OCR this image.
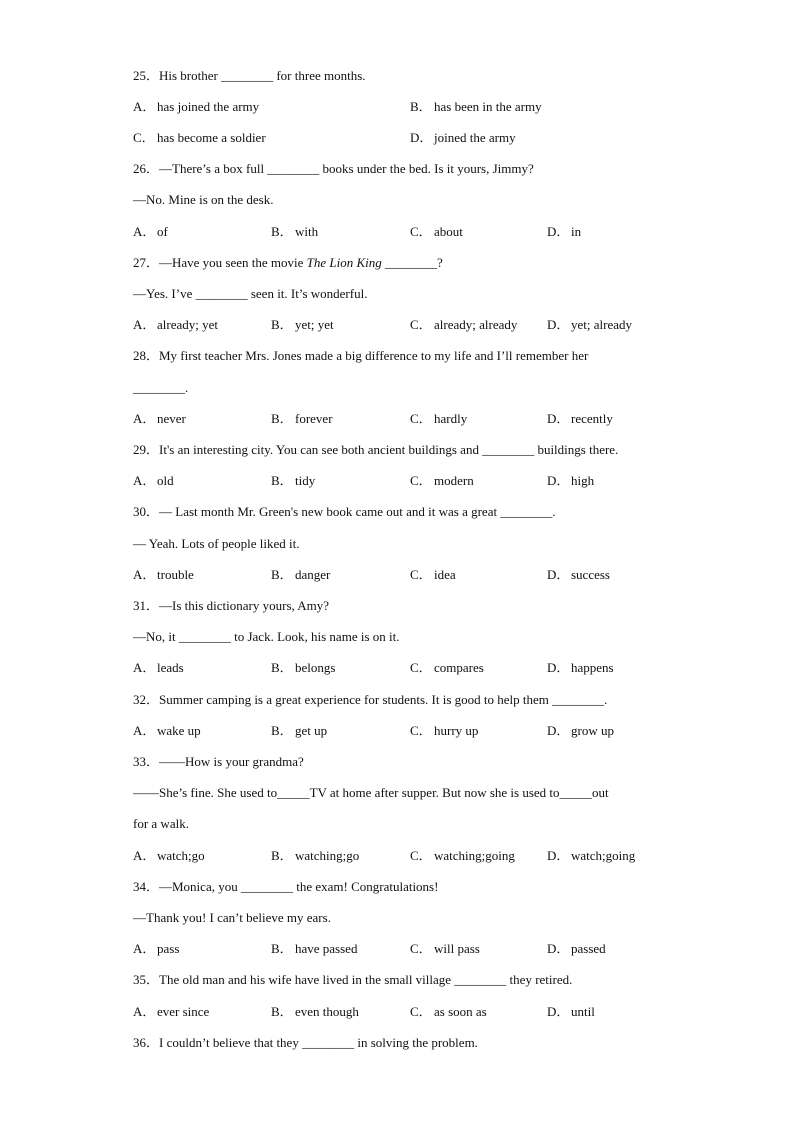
25．His brother ________ for three months.
A． has joined the army	B． has been in the army
C． has become a soldier	D． joined the army
26．—There’s a box full ________ books under the bed. Is it yours, Jimmy?
—No. Mine is on the desk.
A． of	B． with	C． about	D． in
27．—Have you seen the movie The Lion King ________?
—Yes. I’ve ________ seen it. It’s wonderful.
A． already; yet	B． yet; yet	C． already; already D． yet; already
28．My first teacher Mrs. Jones made a big difference to my life and I’ll remember her
________.
A． never	B． forever	C． hardly	D． recently
29．It's an interesting city. You can see both ancient buildings and ________ buildings there.
A． old	B． tidy	C． modern	D． high
30．— Last month Mr. Green's new book came out and it was a great ________.
— Yeah. Lots of people liked it.
A． trouble	B． danger	C． idea	D． success
31．—Is this dictionary yours, Amy?
—No, it ________ to Jack. Look, his name is on it.
A． leads	B． belongs	C． compares	D． happens
32．Summer camping is a great experience for students. It is good to help them ________.
A． wake up	B． get up	C． hurry up	D． grow up
33．——How is your grandma?
——She’s fine. She used to_____TV at home after supper. But now she is used to_____out
for a walk.
A． watch;go	B． watching;go	C． watching;going D． watch;going
34．—Monica, you ________ the exam! Congratulations!
—Thank you! I can’t believe my ears.
A． pass	B． have passed	C． will pass	D． passed
35．The old man and his wife have lived in the small village ________ they retired.
A． ever since	B． even though	C． as soon as	D． until
36．I couldn’t believe that they ________ in solving the problem.
